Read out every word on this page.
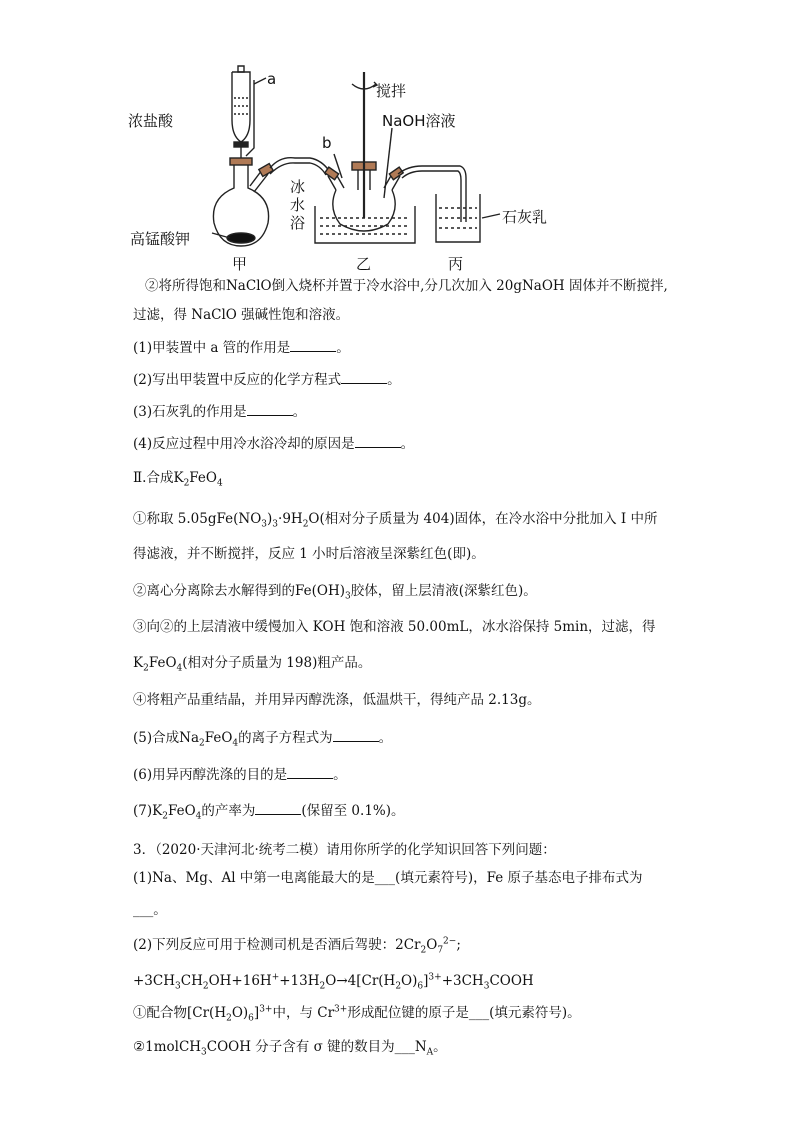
a
浓盐酸
高锰酸钾
甲
搅拌
NaOH溶液
b
冰
水
浴
乙
石灰乳
丙
②将所得饱和NaClO倒入烧杯并置于冷水浴中,分几次加入 20gNaOH 固体并不断搅拌,
过滤，得 NaClO 强碱性饱和溶液。
(1)甲装置中 a 管的作用是	。
(2)写出甲装置中反应的化学方程式	。
(3)石灰乳的作用是	。
(4)反应过程中用冷水浴冷却的原因是	。
Ⅱ.合成$K_2FeO_4$
①称取 $5.05gFe(NO_3)_3\cdot 9H_2O$(相对分子质量为 404)固体，在冷水浴中分批加入 I 中所
得滤液，并不断搅拌，反应 1 小时后溶液呈深紫红色(即)。
②离心分离除去水解得到的$Fe(OH)_3$胶体，留上层清液(深紫红色)。
③向②的上层清液中缓慢加入 KOH 饱和溶液 50.00mL，冰水浴保持 5min，过滤，得
$K_2FeO_4$(相对分子质量为 198)粗产品。
④将粗产品重结晶，并用异丙醇洗涤，低温烘干，得纯产品 2.13g。
(5)合成$Na_2FeO_4$的离子方程式为	。
(6)用异丙醇洗涤的目的是	。
$(7)K_2FeO_4$的产率为	(保留至 0.1%)。
3．（2020·天津河北·统考二模）请用你所学的化学知识回答下列问题：
(1)Na、Mg、Al 中第一电离能最大的是___(填元素符号)，Fe 原子基态电子排布式为
___。
(2)下列反应可用于检测司机是否酒后驾驶：$2Cr_2O_7^{2-}$;
$+3CH_3CH_2OH+16H^++13H_2O\to 4[Cr(H_2O)_6]^{3+}+3CH_3COOH$
①配合物$[Cr(H_2O)_6]^{3+}$中，与 $Cr^{3+}$形成配位键的原子是___(填元素符号)。
②1molCH$_3$COOH 分子含有 σ 键的数目为$\_\_\_N_A$。
